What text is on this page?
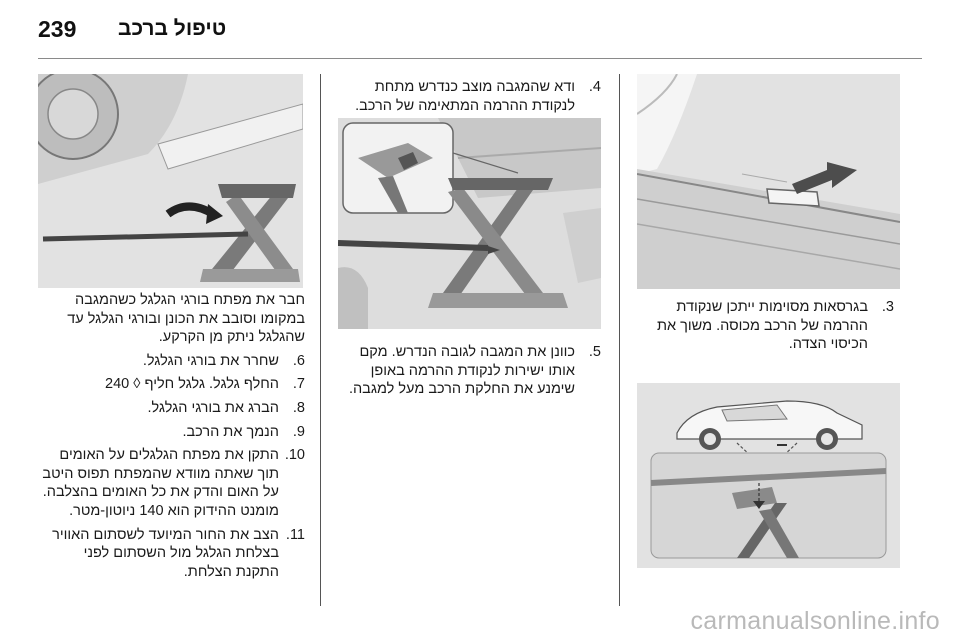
239 טיפול ברכב
3.
בגרסאות מסוימות ייתכן שנקודת ההרמה של הרכב מכוסה. משוך את הכיסוי הצדה.
4.
ודא שהמגבה מוצב כנדרש מתחת לנקודת ההרמה המתאימה של הרכב.
5.
כוונן את המגבה לגובה הנדרש. מקם אותו ישירות לנקודת ההרמה באופן שימנע את החלקת הרכב מעל למגבה.
חבר את מפתח בורגי הגלגל כשהמגבה במקומו וסובב את הכונן ובורגי הגלגל עד שהגלגל ניתק מן הקרקע.
6.
שחרר את בורגי הגלגל.
7.
החלף גלגל. גלגל חליף ◊ 240
8.
הברג את בורגי הגלגל.
9.
הנמך את הרכב.
10.
התקן את מפתח הגלגלים על האומים תוך שאתה מוודא שהמפתח תפוס היטב על האום והדק את כל האומים בהצלבה. מומנט ההידוק הוא 140 ניוטון-מטר.
11.
הצב את החור המיועד לשסתום האוויר בצלחת הגלגל מול השסתום לפני התקנת הצלחת.
carmanualsonline.info
